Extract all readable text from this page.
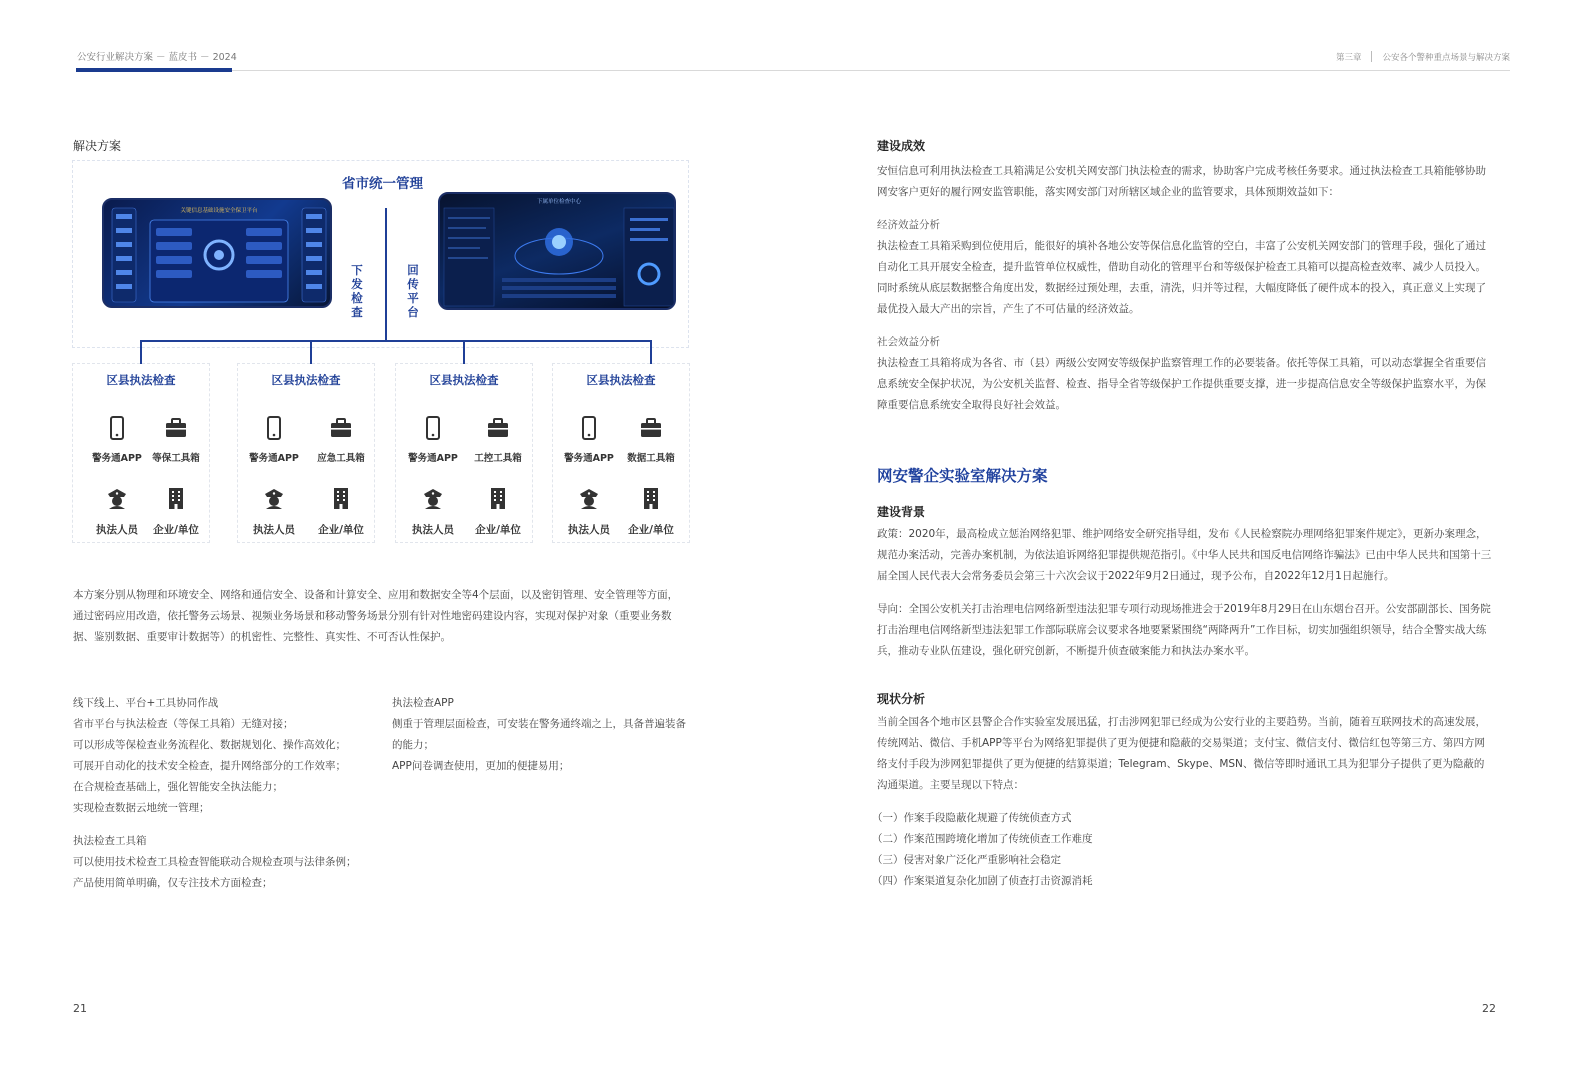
公安行业解决方案 － 蓝皮书 － 2024	第三章 公安各个警种重点场景与解决方案
解决方案
省市统一管理
关键信息基础设施安全保卫平台
下属单位检查中心
下发检查
回传平台
区县执法检查
警务通APP	等保工具箱
执法人员	企业/单位
区县执法检查
警务通APP	应急工具箱
执法人员	企业/单位
区县执法检查
警务通APP	工控工具箱
执法人员	企业/单位
区县执法检查
警务通APP	数据工具箱
执法人员	企业/单位
本方案分别从物理和环境安全、网络和通信安全、设备和计算安全、应用和数据安全等4个层面，以及密钥管理、安全管理等方面，
通过密码应用改造，依托警务云场景、视频业务场景和移动警务场景分别有针对性地密码建设内容，实现对保护对象（重要业务数
据、鉴别数据、重要审计数据等）的机密性、完整性、真实性、不可否认性保护。
线下线上、平台+工具协同作战
省市平台与执法检查（等保工具箱）无缝对接；
可以形成等保检查业务流程化、数据规划化、操作高效化；
可展开自动化的技术安全检查，提升网络部分的工作效率；
在合规检查基础上，强化智能安全执法能力；
实现检查数据云地统一管理；
执法检查APP
侧重于管理层面检查，可安装在警务通终端之上，具备普遍装备
的能力；
APP问卷调查使用，更加的便捷易用；
执法检查工具箱
可以使用技术检查工具检查智能联动合规检查项与法律条例；
产品使用简单明确，仅专注技术方面检查；
21
建设成效
安恒信息可利用执法检查工具箱满足公安机关网安部门执法检查的需求，协助客户完成考核任务要求。通过执法检查工具箱能够协助
网安客户更好的履行网安监管职能，落实网安部门对所辖区域企业的监管要求，具体预期效益如下：
经济效益分析
执法检查工具箱采购到位使用后，能很好的填补各地公安等保信息化监管的空白，丰富了公安机关网安部门的管理手段，强化了通过
自动化工具开展安全检查，提升监管单位权威性，借助自动化的管理平台和等级保护检查工具箱可以提高检查效率、减少人员投入。
同时系统从底层数据整合角度出发，数据经过预处理，去重，清洗，归并等过程，大幅度降低了硬件成本的投入，真正意义上实现了
最优投入最大产出的宗旨，产生了不可估量的经济效益。
社会效益分析
执法检查工具箱将成为各省、市（县）两级公安网安等级保护监察管理工作的必要装备。依托等保工具箱，可以动态掌握全省重要信
息系统安全保护状况，为公安机关监督、检查、指导全省等级保护工作提供重要支撑，进一步提高信息安全等级保护监察水平，为保
障重要信息系统安全取得良好社会效益。
网安警企实验室解决方案
建设背景
政策：2020年，最高检成立惩治网络犯罪、维护网络安全研究指导组，发布《人民检察院办理网络犯罪案件规定》，更新办案理念，
规范办案活动，完善办案机制，为依法追诉网络犯罪提供规范指引。《中华人民共和国反电信网络诈骗法》已由中华人民共和国第十三
届全国人民代表大会常务委员会第三十六次会议于2022年9月2日通过，现予公布，自2022年12月1日起施行。
导向：全国公安机关打击治理电信网络新型违法犯罪专项行动现场推进会于2019年8月29日在山东烟台召开。公安部副部长、国务院
打击治理电信网络新型违法犯罪工作部际联席会议要求各地要紧紧围绕“两降两升”工作目标，切实加强组织领导，结合全警实战大练
兵，推动专业队伍建设，强化研究创新，不断提升侦查破案能力和执法办案水平。
现状分析
当前全国各个地市区县警企合作实验室发展迅猛，打击涉网犯罪已经成为公安行业的主要趋势。当前，随着互联网技术的高速发展，
传统网站、微信、手机APP等平台为网络犯罪提供了更为便捷和隐蔽的交易渠道；支付宝、微信支付、微信红包等第三方、第四方网
络支付手段为涉网犯罪提供了更为便捷的结算渠道；Telegram、Skype、MSN、微信等即时通讯工具为犯罪分子提供了更为隐蔽的
沟通渠道。主要呈现以下特点：
（一）作案手段隐蔽化规避了传统侦查方式
（二）作案范围跨境化增加了传统侦查工作难度
（三）侵害对象广泛化严重影响社会稳定
（四）作案渠道复杂化加剧了侦查打击资源消耗
22
